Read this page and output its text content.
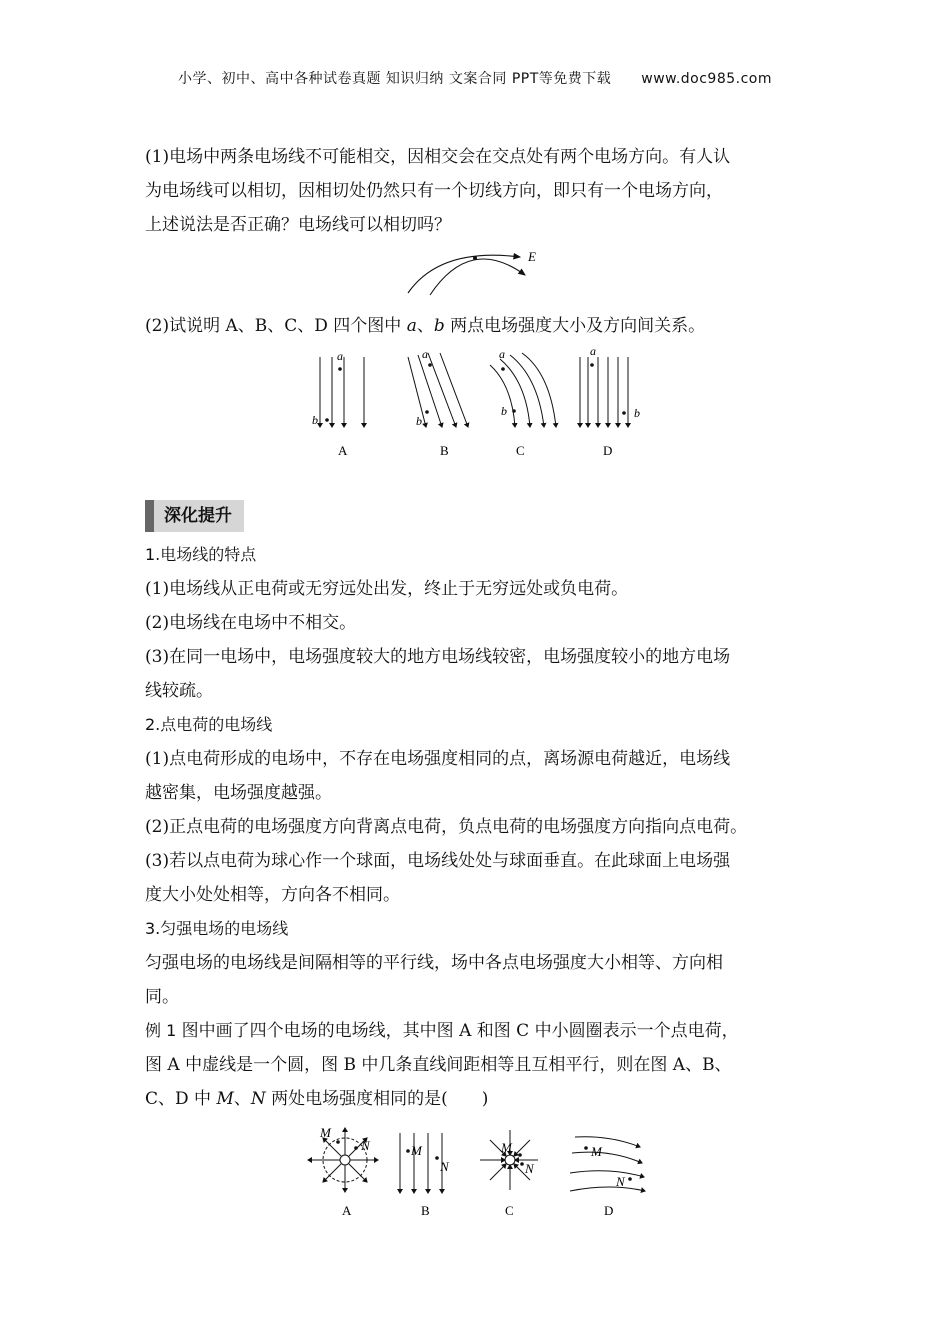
小学、初中、高中各种试卷真题 知识归纳 文案合同 PPT等免费下载 www.doc985.com

(1)电场中两条电场线不可能相交，因相交会在交点处有两个电场方向。有人认

为电场线可以相切，因相切处仍然只有一个切线方向，即只有一个电场方向，

上述说法是否正确？电场线可以相切吗？

E

(2)试说明 A、B、C、D 四个图中 a、b 两点电场强度大小及方向间关系。

a
b
a
b
a
b
a
b
A	B	C	D
深化提升

1.电场线的特点

(1)电场线从正电荷或无穷远处出发，终止于无穷远处或负电荷。

(2)电场线在电场中不相交。

(3)在同一电场中，电场强度较大的地方电场线较密，电场强度较小的地方电场

线较疏。

2.点电荷的电场线

(1)点电荷形成的电场中，不存在电场强度相同的点，离场源电荷越近，电场线

越密集，电场强度越强。

(2)正点电荷的电场强度方向背离点电荷，负点电荷的电场强度方向指向点电荷。

(3)若以点电荷为球心作一个球面，电场线处处与球面垂直。在此球面上电场强

度大小处处相等，方向各不相同。

3.匀强电场的电场线

匀强电场的电场线是间隔相等的平行线，场中各点电场强度大小相等、方向相

同。

例 1 图中画了四个电场的电场线，其中图 A 和图 C 中小圆圈表示一个点电荷，

图 A 中虚线是一个圆，图 B 中几条直线间距相等且互相平行，则在图 A、B、

C、D 中 M、N 两处电场强度相同的是(　　)

M
N	M
N
M
N
M
N
A	B	C	D
